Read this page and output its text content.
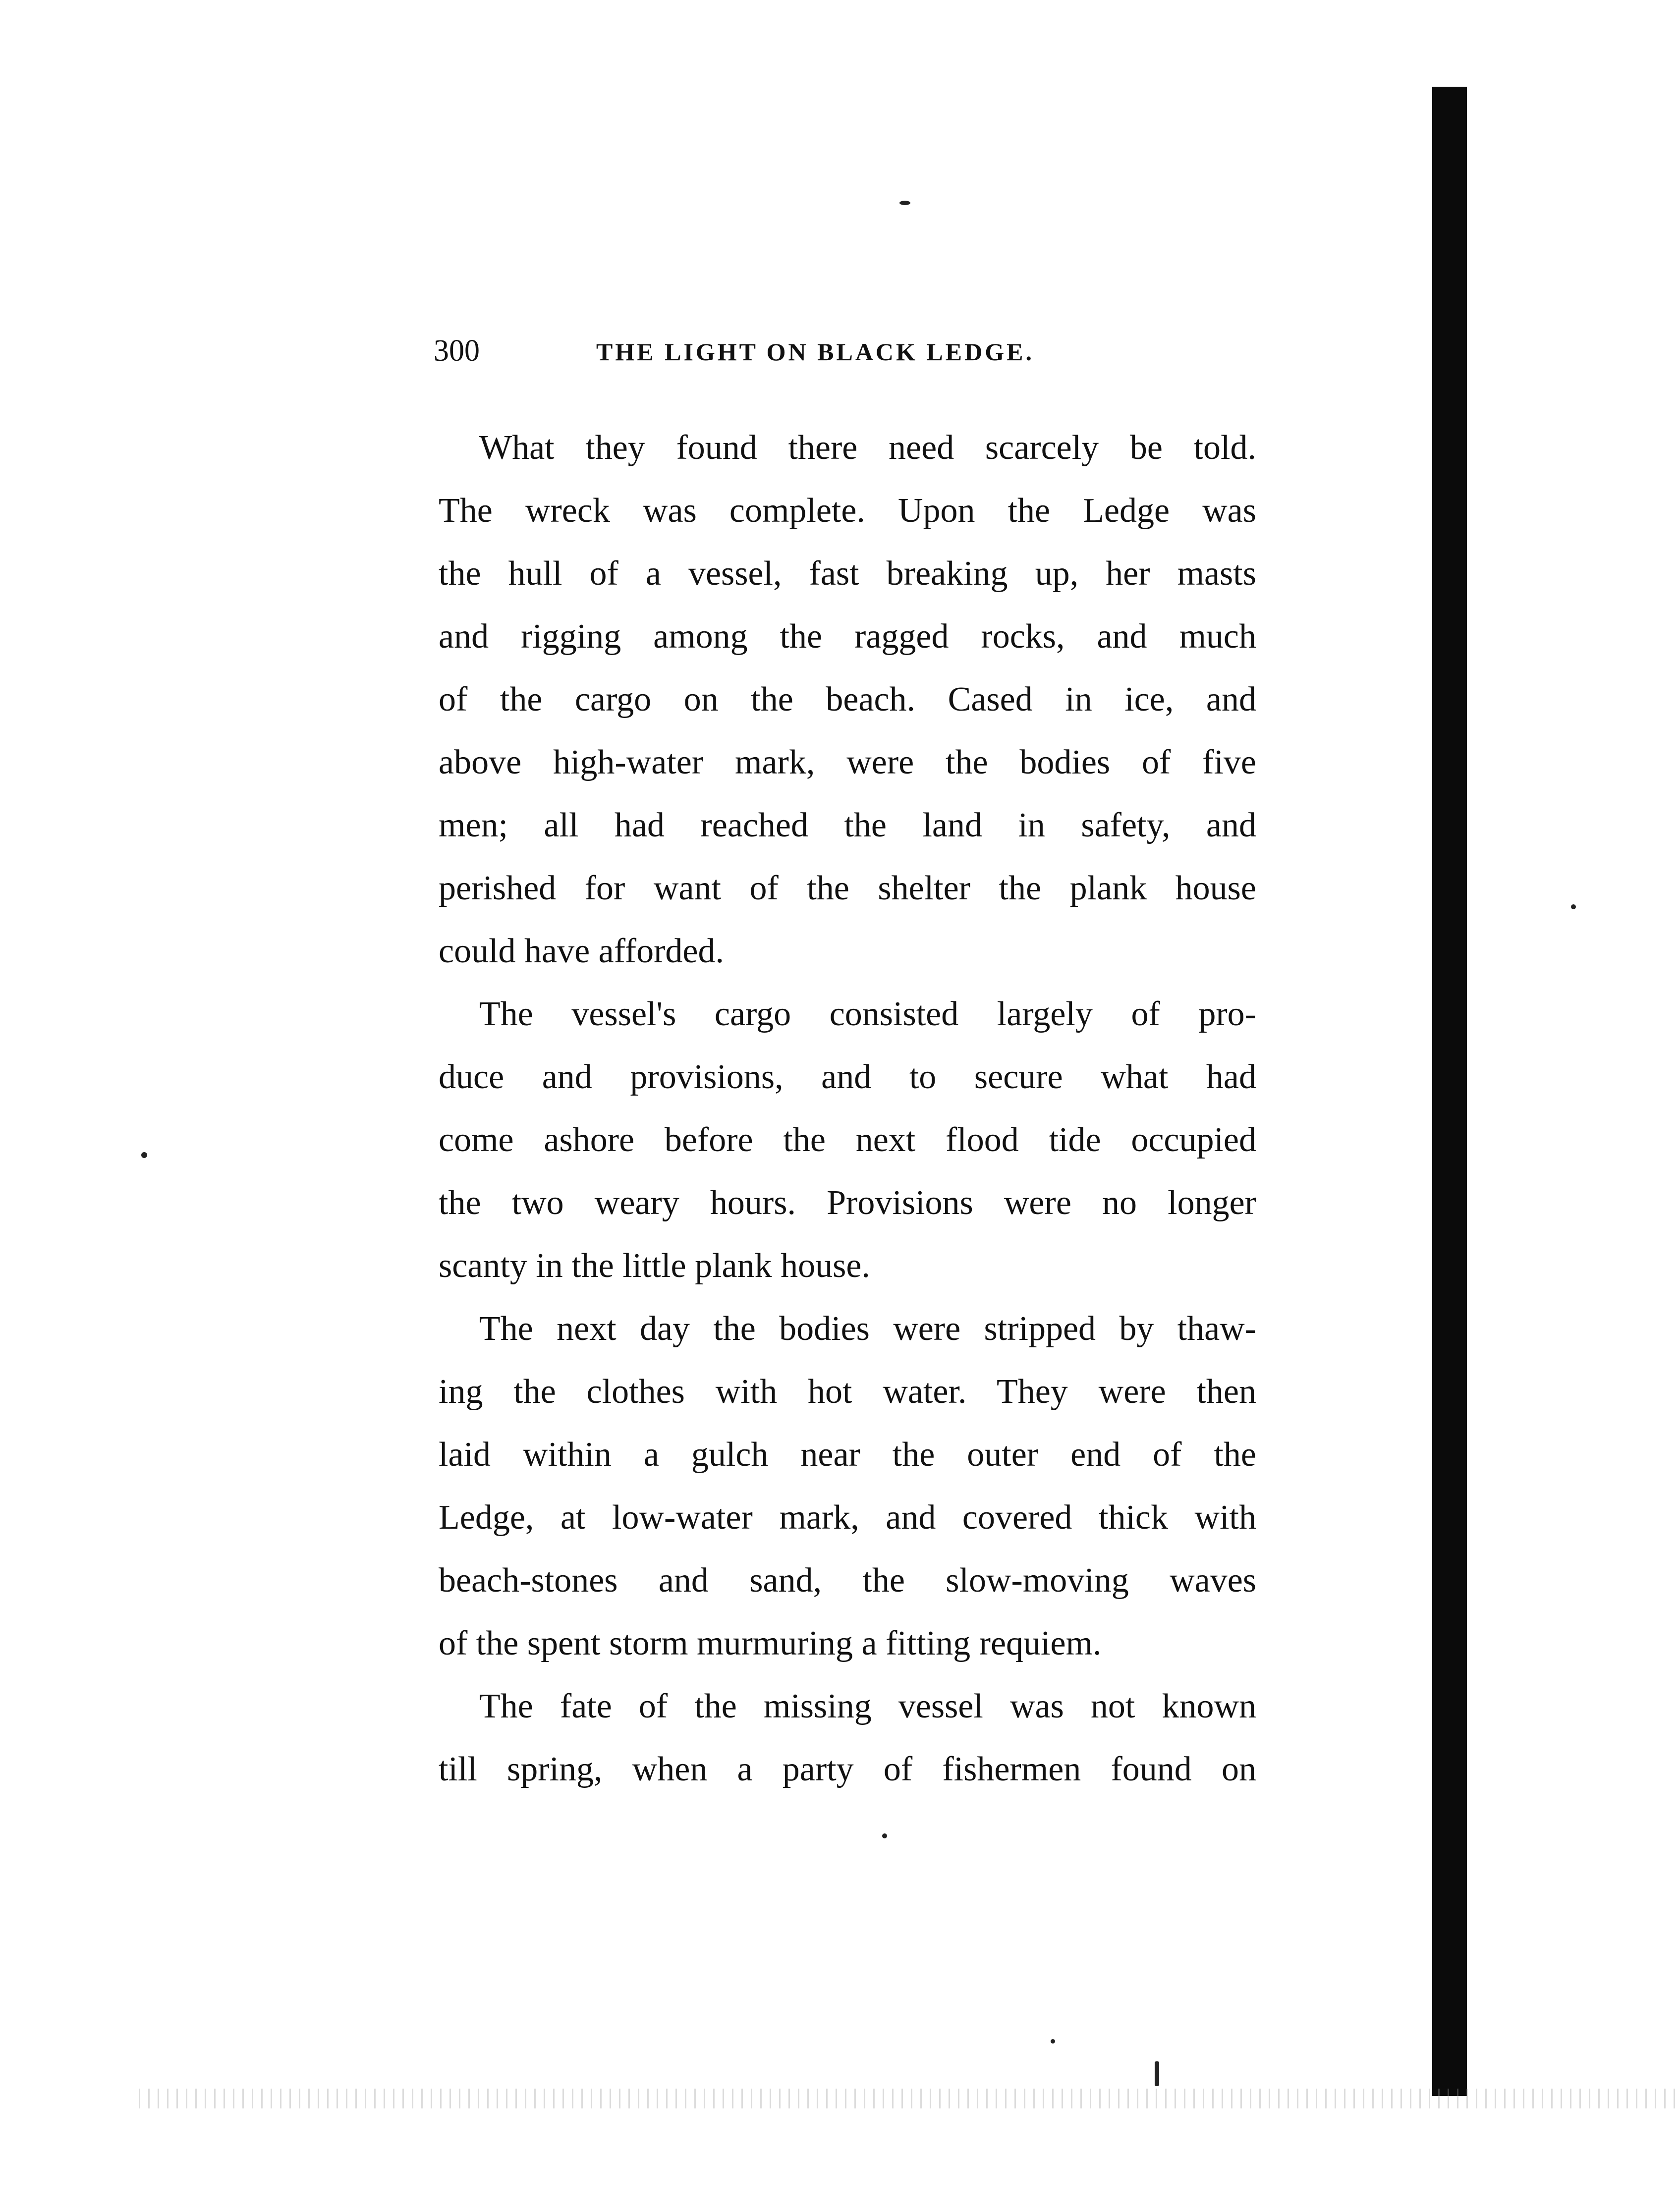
300	THE LIGHT ON BLACK LEDGE.
What they found there need scarcely be told.
The wreck was complete. Upon the Ledge was
the hull of a vessel, fast breaking up, her masts
and rigging among the ragged rocks, and much
of the cargo on the beach. Cased in ice, and
above high-water mark, were the bodies of five
men; all had reached the land in safety, and
perished for want of the shelter the plank house
could have afforded.
The vessel's cargo consisted largely of pro-
duce and provisions, and to secure what had
come ashore before the next flood tide occupied
the two weary hours. Provisions were no longer
scanty in the little plank house.
The next day the bodies were stripped by thaw-
ing the clothes with hot water. They were then
laid within a gulch near the outer end of the
Ledge, at low-water mark, and covered thick with
beach-stones and sand, the slow-moving waves
of the spent storm murmuring a fitting requiem.
The fate of the missing vessel was not known
till spring, when a party of fishermen found on
